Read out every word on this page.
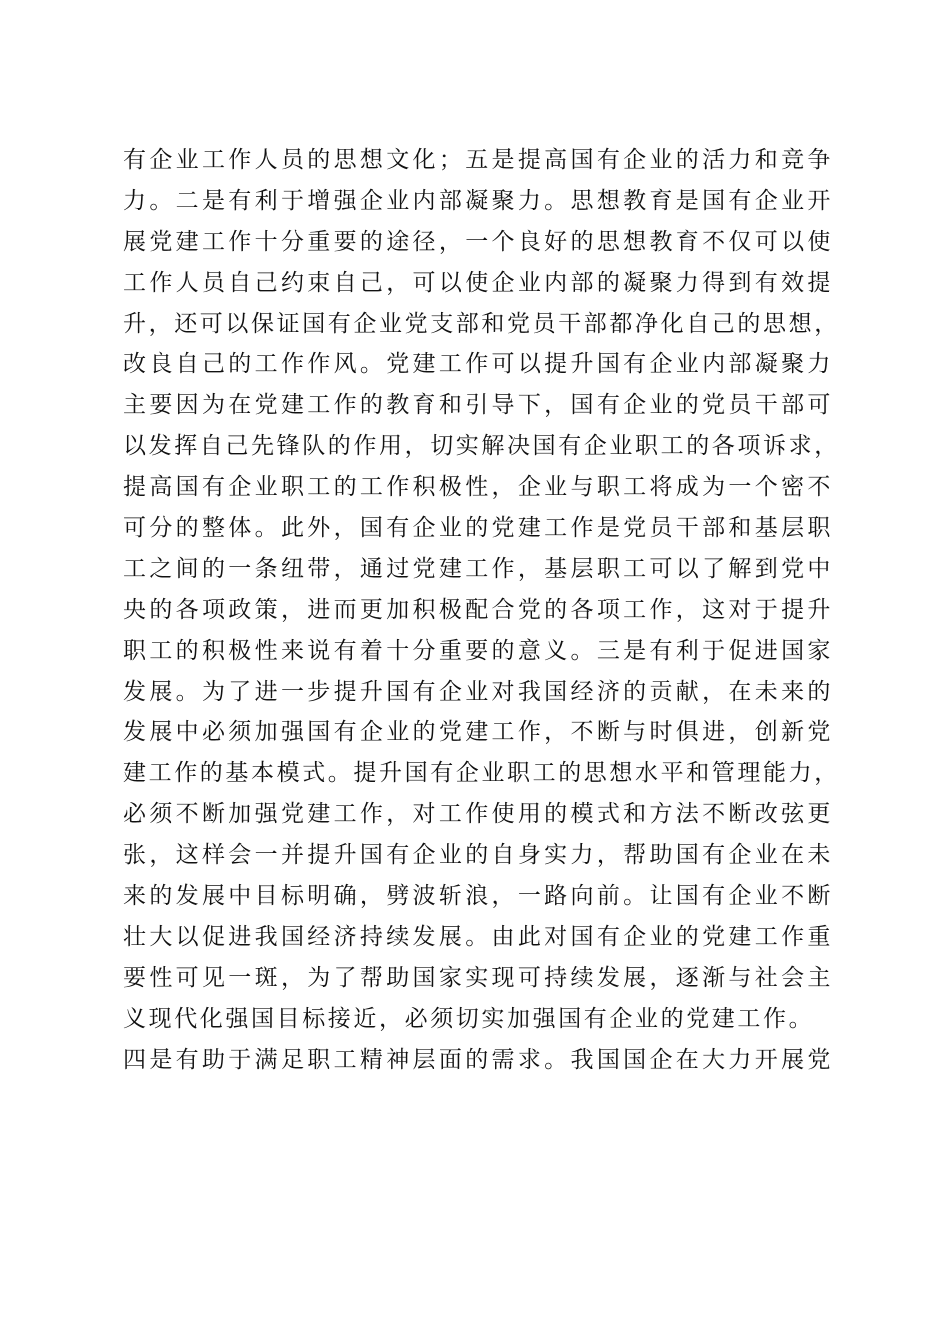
有企业工作人员的思想文化；五是提高国有企业的活力和竞争
力。二是有利于增强企业内部凝聚力。思想教育是国有企业开
展党建工作十分重要的途径，一个良好的思想教育不仅可以使
工作人员自己约束自己，可以使企业内部的凝聚力得到有效提
升，还可以保证国有企业党支部和党员干部都净化自己的思想，
改良自己的工作作风。党建工作可以提升国有企业内部凝聚力
主要因为在党建工作的教育和引导下，国有企业的党员干部可
以发挥自己先锋队的作用，切实解决国有企业职工的各项诉求，
提高国有企业职工的工作积极性，企业与职工将成为一个密不
可分的整体。此外，国有企业的党建工作是党员干部和基层职
工之间的一条纽带，通过党建工作，基层职工可以了解到党中
央的各项政策，进而更加积极配合党的各项工作，这对于提升
职工的积极性来说有着十分重要的意义。三是有利于促进国家
发展。为了进一步提升国有企业对我国经济的贡献，在未来的
发展中必须加强国有企业的党建工作，不断与时俱进，创新党
建工作的基本模式。提升国有企业职工的思想水平和管理能力，
必须不断加强党建工作，对工作使用的模式和方法不断改弦更
张，这样会一并提升国有企业的自身实力，帮助国有企业在未
来的发展中目标明确，劈波斩浪，一路向前。让国有企业不断
壮大以促进我国经济持续发展。由此对国有企业的党建工作重
要性可见一斑，为了帮助国家实现可持续发展，逐渐与社会主
义现代化强国目标接近，必须切实加强国有企业的党建工作。
四是有助于满足职工精神层面的需求。我国国企在大力开展党
